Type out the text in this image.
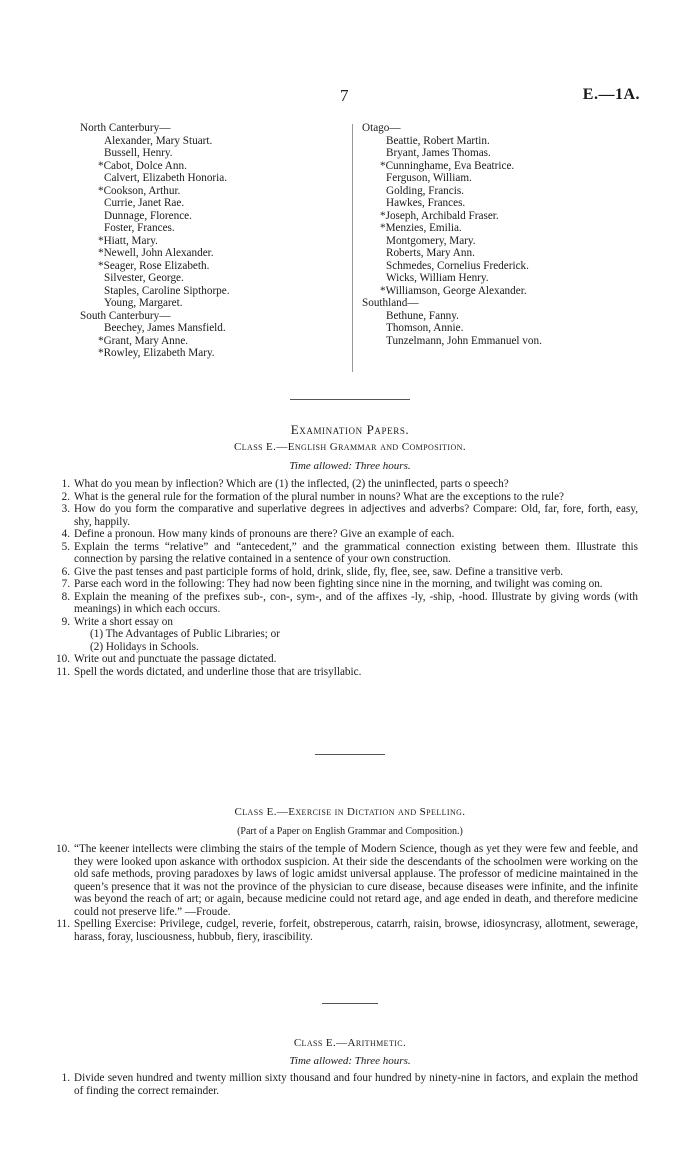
7	E.—1A.
North Canterbury—
Alexander, Mary Stuart.
Bussell, Henry.
*Cabot, Dolce Ann.
Calvert, Elizabeth Honoria.
*Cookson, Arthur.
Currie, Janet Rae.
Dunnage, Florence.
Foster, Frances.
*Hiatt, Mary.
*Newell, John Alexander.
*Seager, Rose Elizabeth.
Silvester, George.
Staples, Caroline Sipthorpe.
Young, Margaret.
South Canterbury—
Beechey, James Mansfield.
*Grant, Mary Anne.
*Rowley, Elizabeth Mary.
Otago—
Beattie, Robert Martin.
Bryant, James Thomas.
*Cunninghame, Eva Beatrice.
Ferguson, William.
Golding, Francis.
Hawkes, Frances.
*Joseph, Archibald Fraser.
*Menzies, Emilia.
Montgomery, Mary.
Roberts, Mary Ann.
Schmedes, Cornelius Frederick.
Wicks, William Henry.
*Williamson, George Alexander.
Southland—
Bethune, Fanny.
Thomson, Annie.
Tunzelmann, John Emmanuel von.
Examination Papers.
Class E.—English Grammar and Composition.
Time allowed: Three hours.
1. What do you mean by inflection? Which are (1) the inflected, (2) the uninflected, parts o speech?
2. What is the general rule for the formation of the plural number in nouns? What are the exceptions to the rule?
3. How do you form the comparative and superlative degrees in adjectives and adverbs? Compare: Old, far, fore, forth, easy, shy, happily.
4. Define a pronoun. How many kinds of pronouns are there? Give an example of each.
5. Explain the terms “relative” and “antecedent,” and the grammatical connection existing between them. Illustrate this connection by parsing the relative contained in a sentence of your own construction.
6. Give the past tenses and past participle forms of hold, drink, slide, fly, flee, see, saw. Define a transitive verb.
7. Parse each word in the following: They had now been fighting since nine in the morning, and twilight was coming on.
8. Explain the meaning of the prefixes sub-, con-, sym-, and of the affixes -ly, -ship, -hood. Illustrate by giving words (with meanings) in which each occurs.
9. Write a short essay on
(1) The Advantages of Public Libraries; or
(2) Holidays in Schools.
10. Write out and punctuate the passage dictated.
11. Spell the words dictated, and underline those that are trisyllabic.
Class E.—Exercise in Dictation and Spelling.
(Part of a Paper on English Grammar and Composition.)
10. “The keener intellects were climbing the stairs of the temple of Modern Science, though as yet they were few and feeble, and they were looked upon askance with orthodox suspicion. At their side the descendants of the schoolmen were working on the old safe methods, proving paradoxes by laws of logic amidst universal applause. The professor of medicine maintained in the queen’s presence that it was not the province of the physician to cure disease, because diseases were infinite, and the infinite was beyond the reach of art; or again, because medicine could not retard age, and age ended in death, and therefore medicine could not preserve life.” —Froude.
11. Spelling Exercise: Privilege, cudgel, reverie, forfeit, obstreperous, catarrh, raisin, browse, idiosyncrasy, allotment, sewerage, harass, foray, lusciousness, hubbub, fiery, irascibility.
Class E.—Arithmetic.
Time allowed: Three hours.
1. Divide seven hundred and twenty million sixty thousand and four hundred by ninety-nine in factors, and explain the method of finding the correct remainder.
